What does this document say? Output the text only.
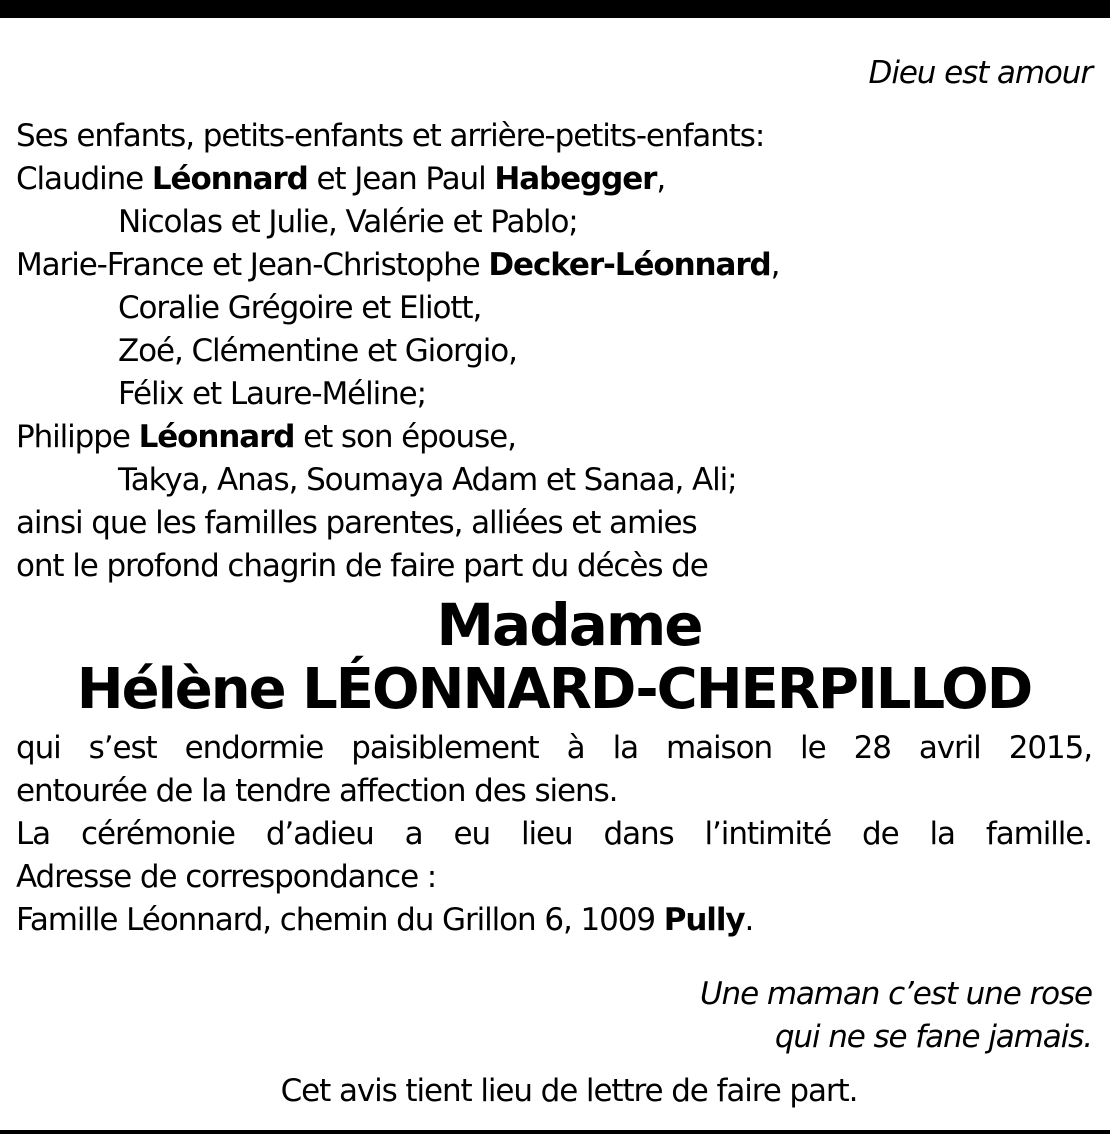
Dieu est amour

Ses enfants, petits-enfants et arrière-petits-enfants:

Claudine Léonnard et Jean Paul Habegger,

Nicolas et Julie, Valérie et Pablo;

Marie-France et Jean-Christophe Decker-Léonnard,

Coralie Grégoire et Eliott,

Zoé, Clémentine et Giorgio,

Félix et Laure-Méline;

Philippe Léonnard et son épouse,

Takya, Anas, Soumaya Adam et Sanaa, Ali;

ainsi que les familles parentes, alliées et amies

ont le profond chagrin de faire part du décès de

Madame

Hélène LÉONNARD-CHERPILLOD

qui s’est endormie paisiblement à la maison le 28 avril 2015,

entourée de la tendre affection des siens.

La cérémonie d’adieu a eu lieu dans l’intimité de la famille.

Adresse de correspondance :

Famille Léonnard, chemin du Grillon 6, 1009 Pully.

Une maman c’est une rose

qui ne se fane jamais.

Cet avis tient lieu de lettre de faire part.
